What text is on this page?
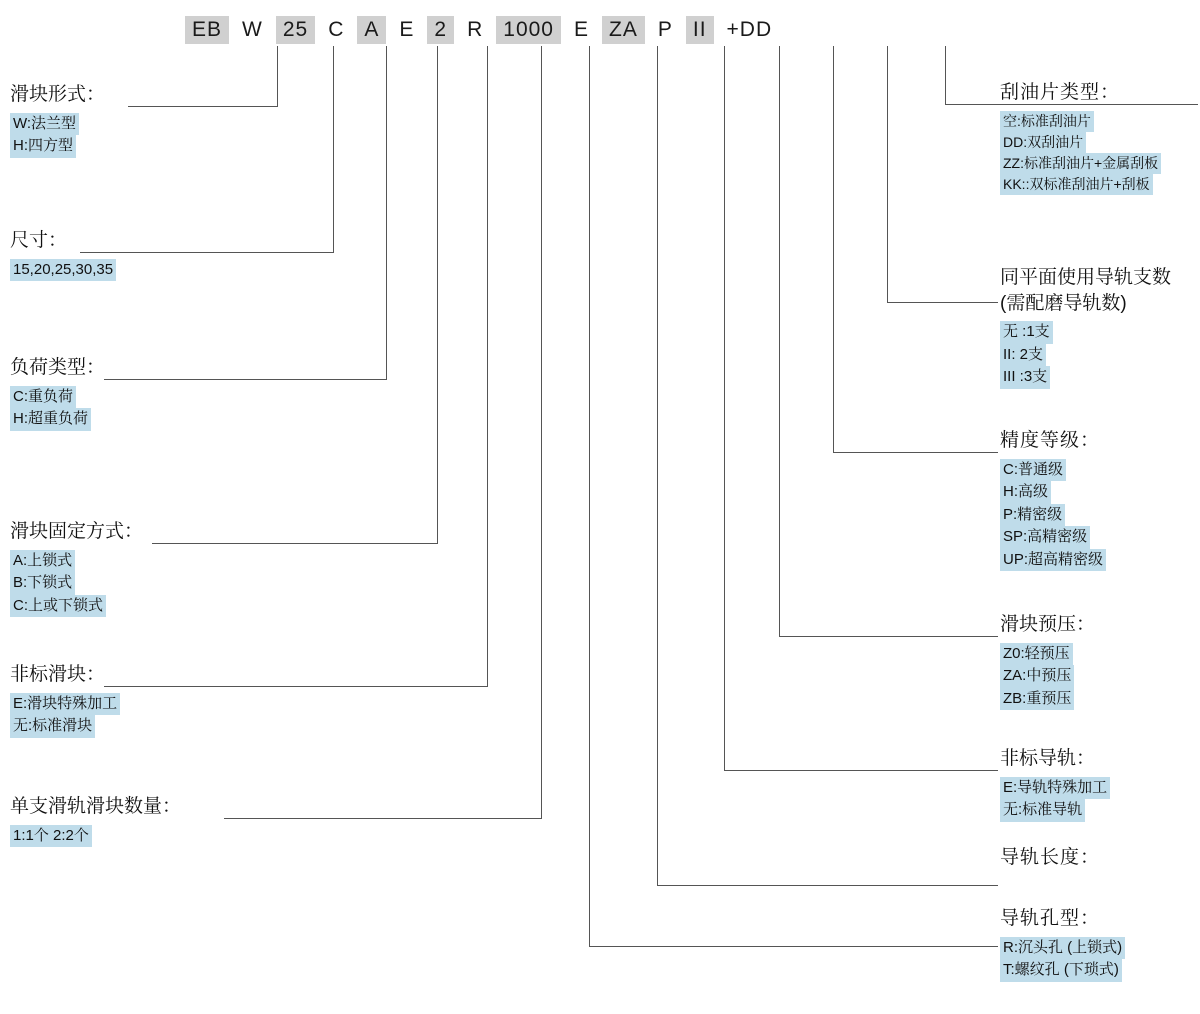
EB W 25 C A E 2 R 1000 E ZA P II +DD
滑块形式：
W:法兰型
H:四方型
尺寸：
15,20,25,30,35
负荷类型：
C:重负荷
H:超重负荷
滑块固定方式：
A:上锁式
B:下锁式
C:上或下锁式
非标滑块：
E:滑块特殊加工
无:标准滑块
单支滑轨滑块数量：
1:1个 2:2个
刮油片类型：
空:标准刮油片
DD:双刮油片
ZZ:标准刮油片+金属刮板
KK::双标准刮油片+刮板
同平面使用导轨支数
(需配磨导轨数)
无 :1支
II: 2支
III :3支
精度等级：
C:普通级
H:高级
P:精密级
SP:高精密级
UP:超高精密级
滑块预压：
Z0:轻预压
ZA:中预压
ZB:重预压
非标导轨：
E:导轨特殊加工
无:标准导轨
导轨长度：
导轨孔型：
R:沉头孔 (上锁式)
T:螺纹孔 (下琐式)
